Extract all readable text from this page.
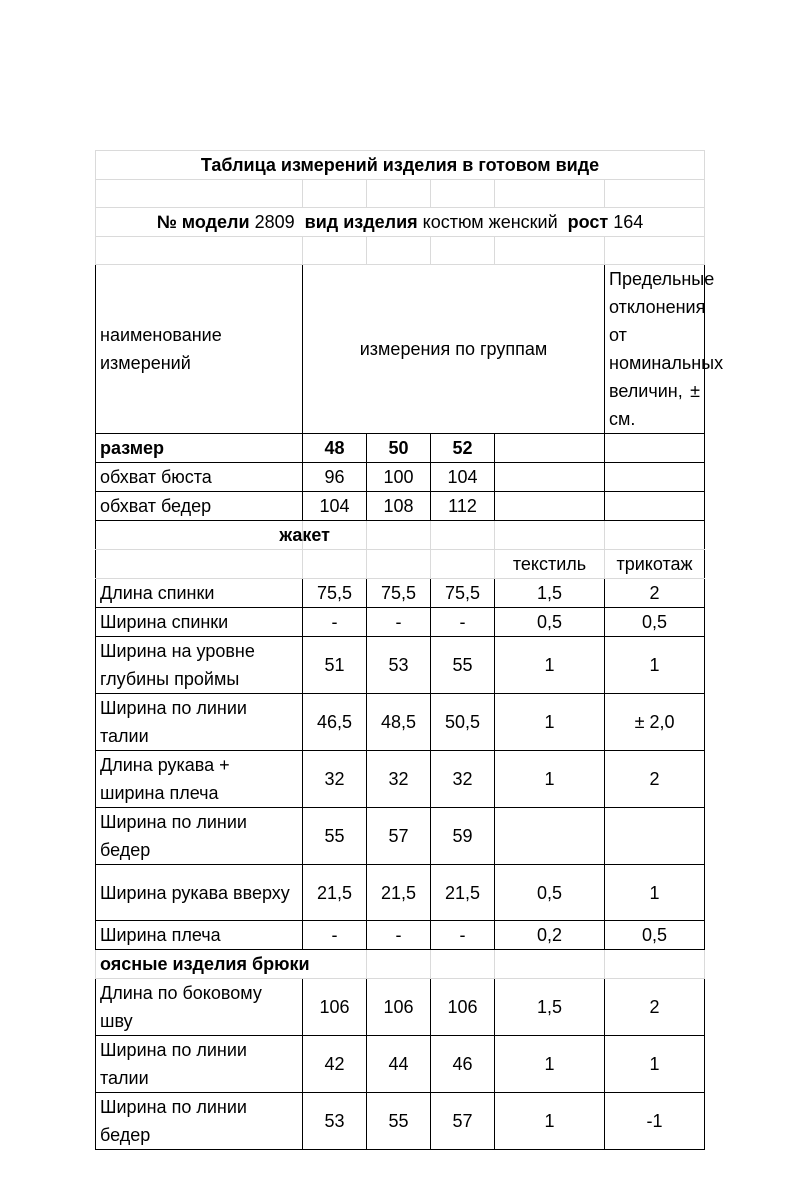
Таблица измерений изделия в готовом виде					

№ модели 2809 вид изделия костюм женский рост 164					

наименование измерений	измерения по группам				Предельные отклонения от номинальных величин, ± см.
размер	48	50	52		
обхват бюста	96	100	104		
обхват бедер	104	108	112		
жакет					
				текстиль	трикотаж
Длина спинки	75,5	75,5	75,5	1,5	2
Ширина спинки	-	-	-	0,5	0,5
Ширина на уровне глубины проймы	51	53	55	1	1
Ширина по линии талии	46,5	48,5	50,5	1	± 2,0
Длина рукава + ширина плеча	32	32	32	1	2
Ширина по линии бедер	55	57	59		
Ширина рукава вверху	21,5	21,5	21,5	0,5	1
Ширина плеча	-	-	-	0,2	0,5
оясные изделия брюки					
Длина по боковому шву	106	106	106	1,5	2
Ширина по линии талии	42	44	46	1	1
Ширина по линии бедер	53	55	57	1	-1
